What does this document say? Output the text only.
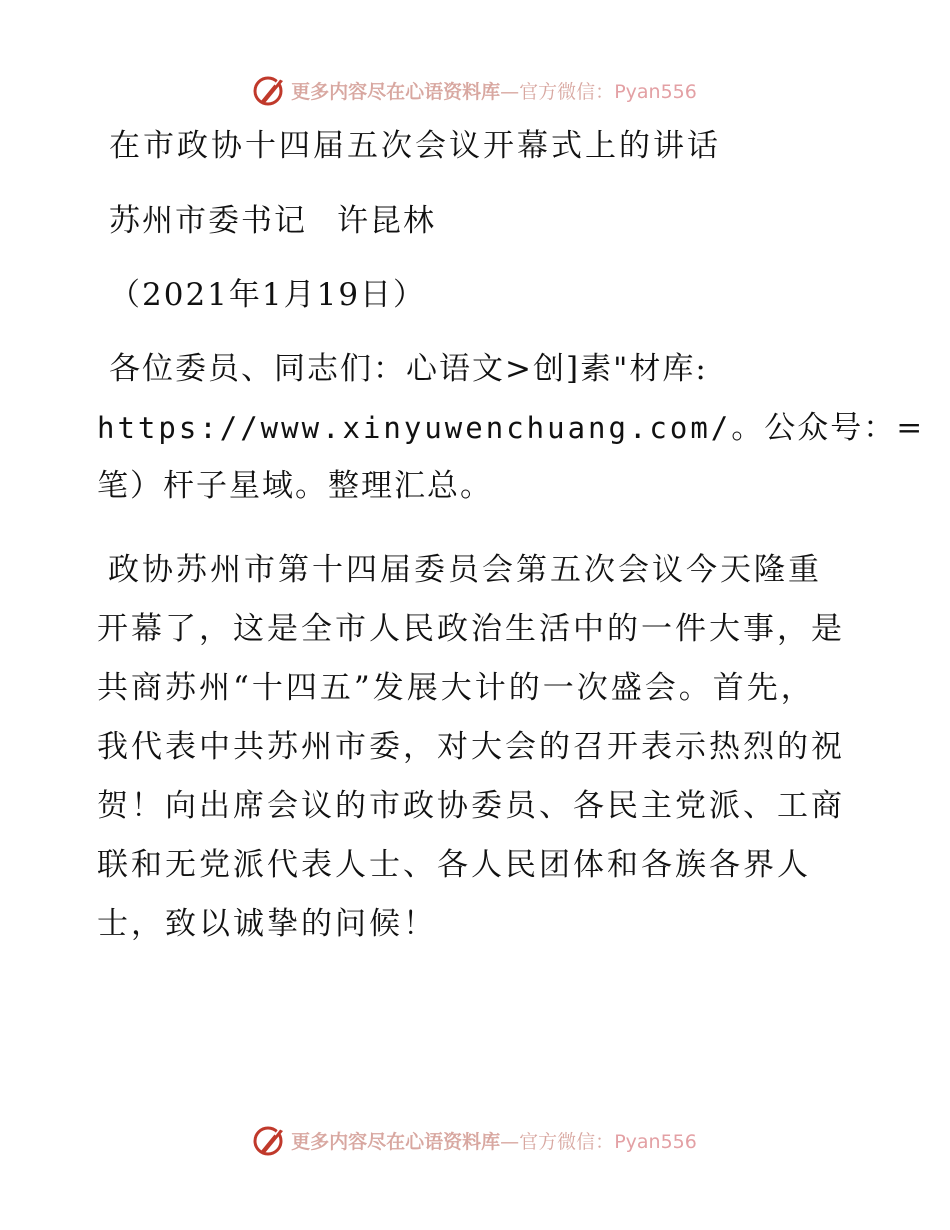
更多内容尽在心语资料库—官方微信：Pyan556
在市政协十四届五次会议开幕式上的讲话
苏州市委书记 许昆林
（2021年1月19日）
各位委员、同志们：心语文>创]素"材库:
https://www.xinyuwenchuang.com/。公众号：=
笔）杆子星域。整理汇总。
政协苏州市第十四届委员会第五次会议今天隆重
开幕了，这是全市人民政治生活中的一件大事，是
共商苏州“十四五”发展大计的一次盛会。首先，
我代表中共苏州市委，对大会的召开表示热烈的祝
贺！向出席会议的市政协委员、各民主党派、工商
联和无党派代表人士、各人民团体和各族各界人
士，致以诚挚的问候！
更多内容尽在心语资料库—官方微信：Pyan556
